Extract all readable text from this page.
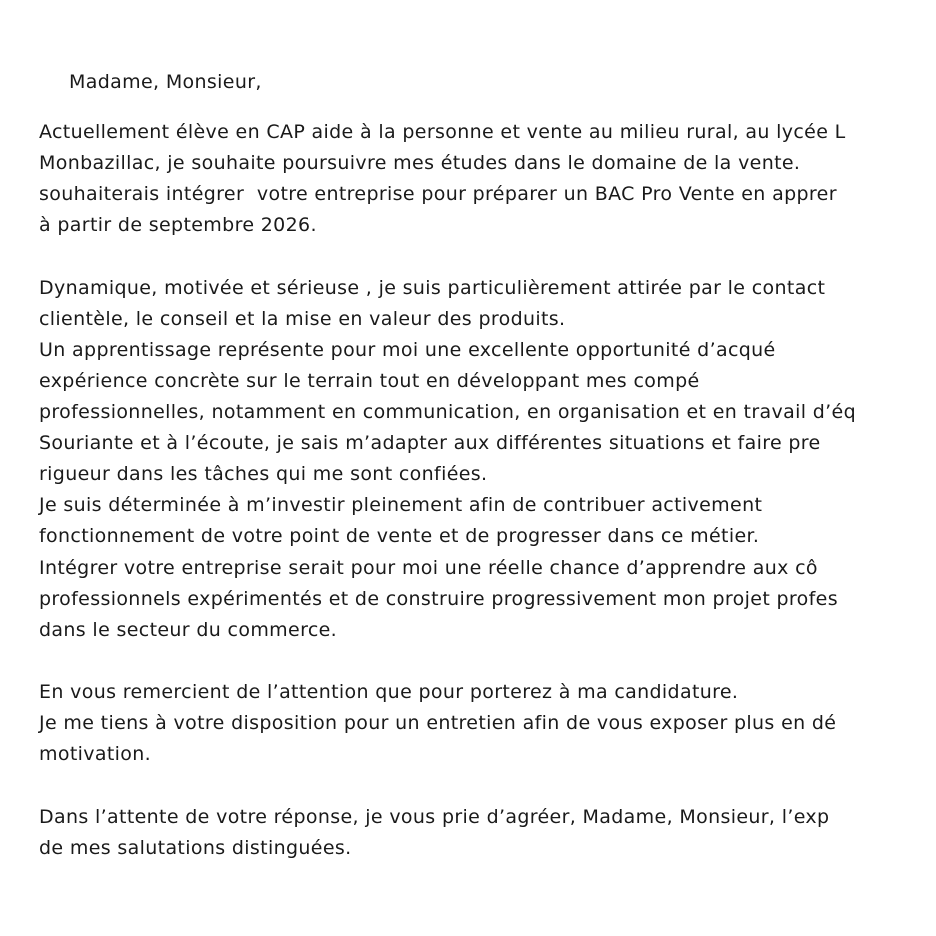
Madame, Monsieur,
Actuellement élève en CAP aide à la personne et vente au milieu rural, au lycée L
Monbazillac, je souhaite poursuivre mes études dans le domaine de la vente.
souhaiterais intégrer  votre entreprise pour préparer un BAC Pro Vente en apprer
à partir de septembre 2026.
Dynamique, motivée et sérieuse , je suis particulièrement attirée par le contact
clientèle, le conseil et la mise en valeur des produits.
Un apprentissage représente pour moi une excellente opportunité d’acqué
expérience concrète sur le terrain tout en développant mes compé
professionnelles, notamment en communication, en organisation et en travail d’éq
Souriante et à l’écoute, je sais m’adapter aux différentes situations et faire pre
rigueur dans les tâches qui me sont confiées.
Je suis déterminée à m’investir pleinement afin de contribuer activement
fonctionnement de votre point de vente et de progresser dans ce métier.
Intégrer votre entreprise serait pour moi une réelle chance d’apprendre aux cô
professionnels expérimentés et de construire progressivement mon projet profes
dans le secteur du commerce.
En vous remercient de l’attention que pour porterez à ma candidature.
Je me tiens à votre disposition pour un entretien afin de vous exposer plus en dé
motivation.
Dans l’attente de votre réponse, je vous prie d’agréer, Madame, Monsieur, l’exp
de mes salutations distinguées.
